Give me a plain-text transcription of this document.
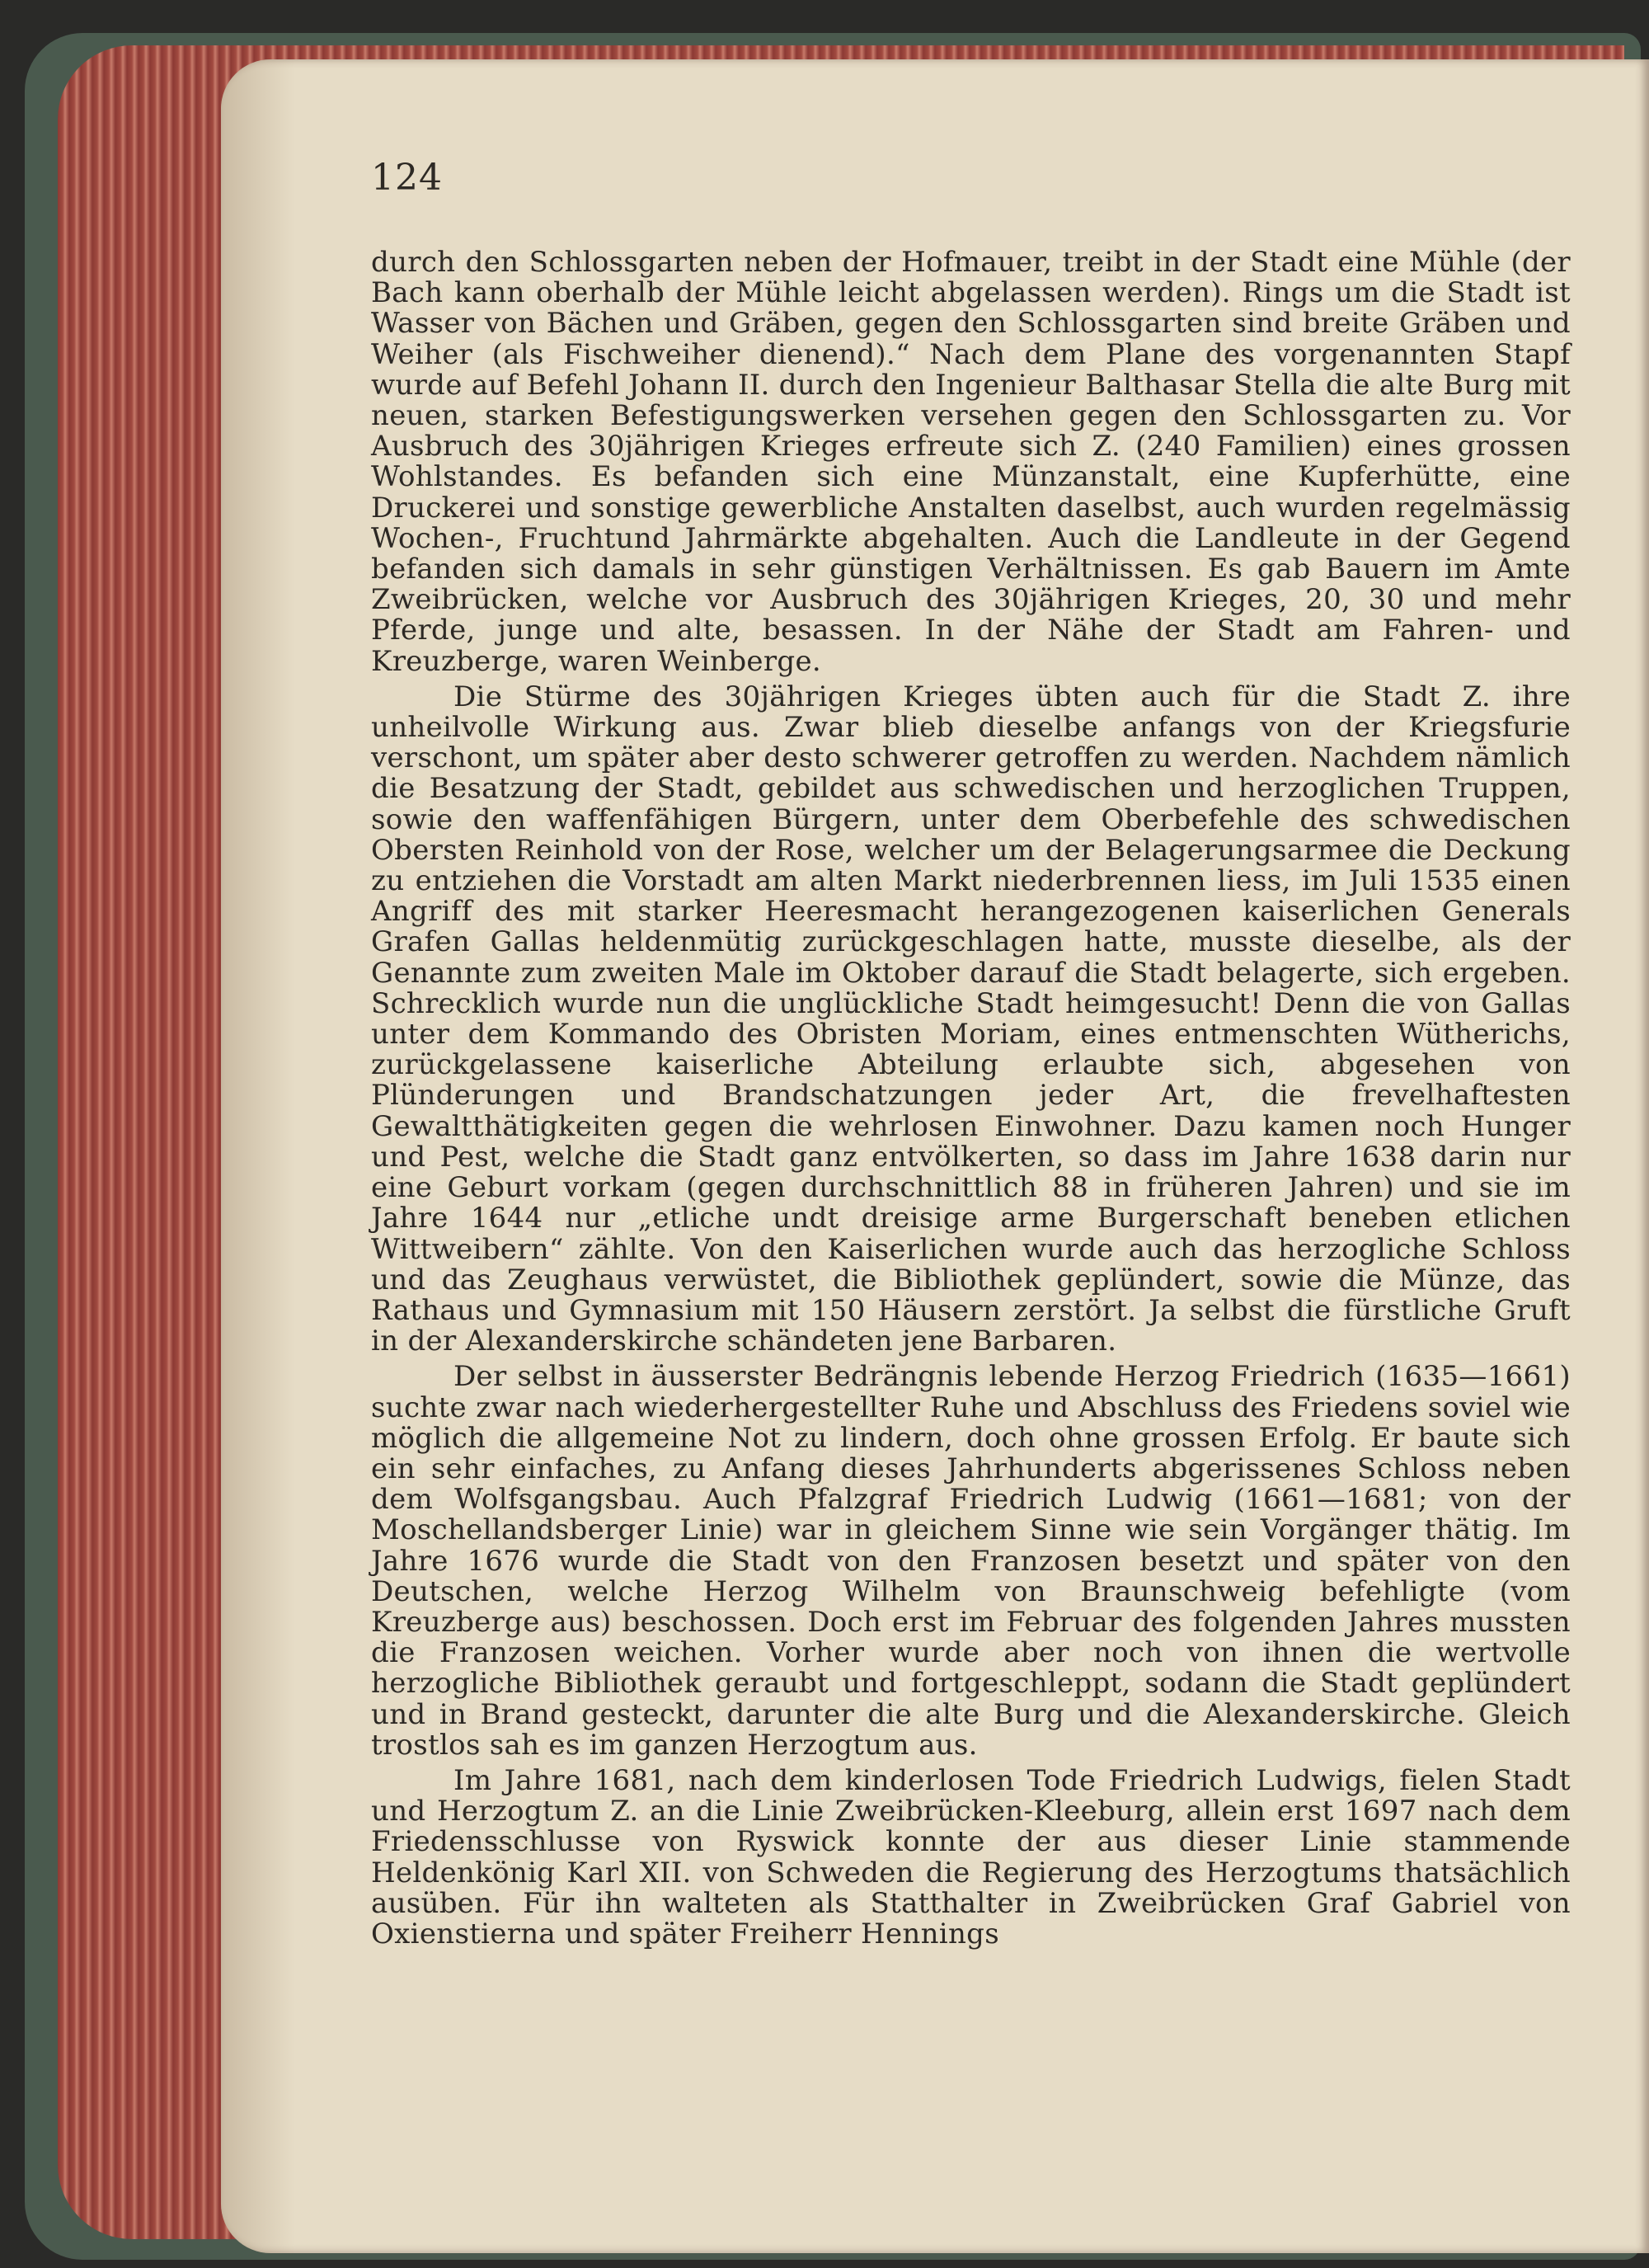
124

durch den Schlossgarten neben der Hofmauer, treibt in der Stadt eine Mühle (der Bach kann oberhalb der Mühle leicht abgelassen werden). Rings um die Stadt ist Wasser von Bächen und Gräben, gegen den Schlossgarten sind breite Gräben und Weiher (als Fischweiher dienend).“ Nach dem Plane des vorgenannten Stapf wurde auf Befehl Johann II. durch den Ingenieur Balthasar Stella die alte Burg mit neuen, starken Befestigungswerken versehen gegen den Schlossgarten zu. Vor Ausbruch des 30jährigen Krieges erfreute sich Z. (240 Familien) eines grossen Wohlstandes. Es befanden sich eine Münzanstalt, eine Kupferhütte, eine Druckerei und sonstige gewerbliche Anstalten daselbst, auch wurden regelmässig Wochen-, Fruchtund Jahrmärkte abgehalten. Auch die Landleute in der Gegend befanden sich damals in sehr günstigen Verhältnissen. Es gab Bauern im Amte Zweibrücken, welche vor Ausbruch des 30jährigen Krieges, 20, 30 und mehr Pferde, junge und alte, besassen. In der Nähe der Stadt am Fahren- und Kreuzberge, waren Weinberge.

Die Stürme des 30jährigen Krieges übten auch für die Stadt Z. ihre unheilvolle Wirkung aus. Zwar blieb dieselbe anfangs von der Kriegsfurie verschont, um später aber desto schwerer getroffen zu werden. Nachdem nämlich die Besatzung der Stadt, gebildet aus schwedischen und herzoglichen Truppen, sowie den waffenfähigen Bürgern, unter dem Oberbefehle des schwedischen Obersten Reinhold von der Rose, welcher um der Belagerungsarmee die Deckung zu entziehen die Vorstadt am alten Markt niederbrennen liess, im Juli 1535 einen Angriff des mit starker Heeresmacht herangezogenen kaiserlichen Generals Grafen Gallas heldenmütig zurückgeschlagen hatte, musste dieselbe, als der Genannte zum zweiten Male im Oktober darauf die Stadt belagerte, sich ergeben. Schrecklich wurde nun die unglückliche Stadt heimgesucht! Denn die von Gallas unter dem Kommando des Obristen Moriam, eines entmenschten Wütherichs, zurückgelassene kaiserliche Abteilung erlaubte sich, abgesehen von Plünderungen und Brandschatzungen jeder Art, die frevelhaftesten Gewaltthätigkeiten gegen die wehrlosen Einwohner. Dazu kamen noch Hunger und Pest, welche die Stadt ganz entvölkerten, so dass im Jahre 1638 darin nur eine Geburt vorkam (gegen durchschnittlich 88 in früheren Jahren) und sie im Jahre 1644 nur „etliche undt dreisige arme Burgerschaft beneben etlichen Wittweibern“ zählte. Von den Kaiserlichen wurde auch das herzogliche Schloss und das Zeughaus verwüstet, die Bibliothek geplündert, sowie die Münze, das Rathaus und Gymnasium mit 150 Häusern zerstört. Ja selbst die fürstliche Gruft in der Alexanderskirche schändeten jene Barbaren.

Der selbst in äusserster Bedrängnis lebende Herzog Friedrich (1635—1661) suchte zwar nach wiederhergestellter Ruhe und Abschluss des Friedens soviel wie möglich die allgemeine Not zu lindern, doch ohne grossen Erfolg. Er baute sich ein sehr einfaches, zu Anfang dieses Jahrhunderts abgerissenes Schloss neben dem Wolfsgangsbau. Auch Pfalzgraf Friedrich Ludwig (1661—1681; von der Moschellandsberger Linie) war in gleichem Sinne wie sein Vorgänger thätig. Im Jahre 1676 wurde die Stadt von den Franzosen besetzt und später von den Deutschen, welche Herzog Wilhelm von Braunschweig befehligte (vom Kreuzberge aus) beschossen. Doch erst im Februar des folgenden Jahres mussten die Franzosen weichen. Vorher wurde aber noch von ihnen die wertvolle herzogliche Bibliothek geraubt und fortgeschleppt, sodann die Stadt geplündert und in Brand gesteckt, darunter die alte Burg und die Alexanderskirche. Gleich trostlos sah es im ganzen Herzogtum aus.

Im Jahre 1681, nach dem kinderlosen Tode Friedrich Ludwigs, fielen Stadt und Herzogtum Z. an die Linie Zweibrücken-Kleeburg, allein erst 1697 nach dem Friedensschlusse von Ryswick konnte der aus dieser Linie stammende Heldenkönig Karl XII. von Schweden die Regierung des Herzogtums thatsächlich ausüben. Für ihn walteten als Statthalter in Zweibrücken Graf Gabriel von Oxienstierna und später Freiherr Hennings
